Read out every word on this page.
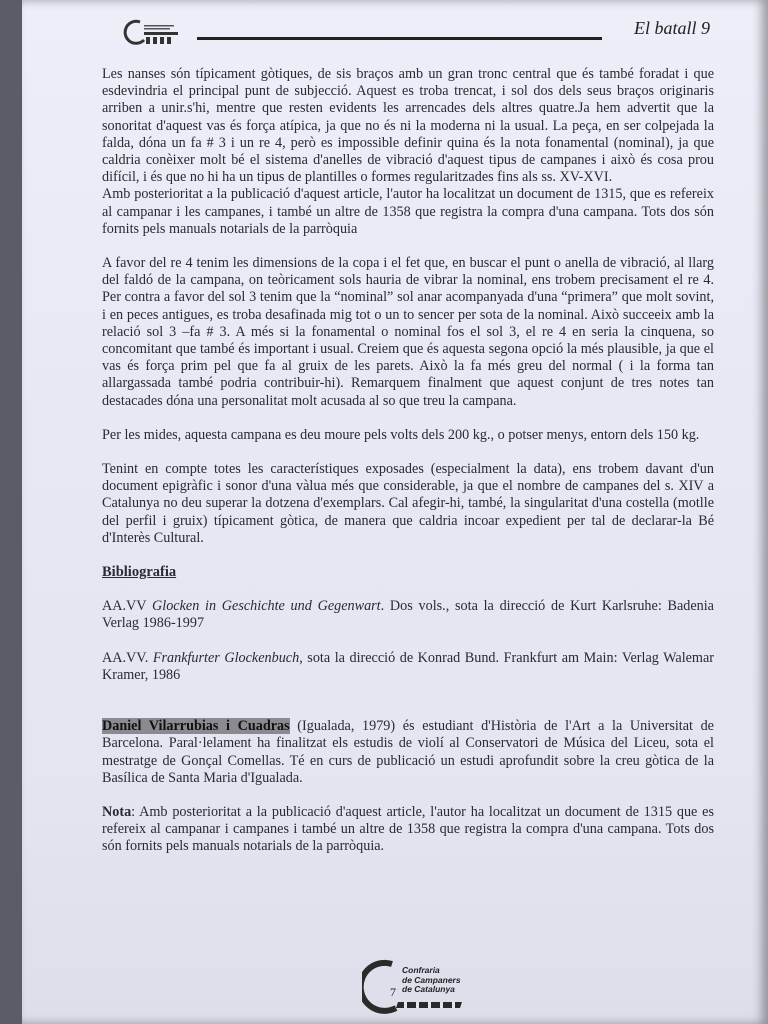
El batall 9

Les nanses són típicament gòtiques, de sis braços amb un gran tronc central que és també foradat i que esdevindria el principal punt de subjecció. Aquest es troba trencat, i sol dos dels seus braços originaris arriben a unir.s'hi, mentre que resten evidents les arrencades dels altres quatre.Ja hem advertit que la sonoritat d'aquest vas és força atípica, ja que no és ni la moderna ni la usual. La peça, en ser colpejada la falda, dóna un fa # 3 i un re 4, però es impossible definir quina és la nota fonamental (nominal), ja que caldria conèixer molt bé el sistema d'anelles de vibració d'aquest tipus de campanes i això és cosa prou difícil, i és que no hi ha un tipus de plantilles o formes regularitzades fins als ss. XV-XVI.

Amb posterioritat a la publicació d'aquest article, l'autor ha localitzat un document de 1315, que es refereix al campanar i les campanes, i també un altre de 1358 que registra la compra d'una campana. Tots dos són fornits pels manuals notarials de la parròquia

A favor del re 4 tenim les dimensions de la copa i el fet que, en buscar el punt o anella de vibració, al llarg del faldó de la campana, on teòricament sols hauria de vibrar la nominal, ens trobem precisament el re 4. Per contra a favor del sol 3 tenim que la “nominal” sol anar acompanyada d'una “primera” que molt sovint, i en peces antigues, es troba desafinada mig tot o un to sencer per sota de la nominal. Això succeeix amb la relació sol 3 –fa # 3. A més si la fonamental o nominal fos el sol 3, el re 4 en seria la cinquena, so concomitant que també és important i usual. Creiem que és aquesta segona opció la més plausible, ja que el vas és força prim pel que fa al gruix de les parets. Això la fa més greu del normal ( i la forma tan allargassada també podria contribuir-hi). Remarquem finalment que aquest conjunt de tres notes tan destacades dóna una personalitat molt acusada al so que treu la campana.

Per les mides, aquesta campana es deu moure pels volts dels 200 kg., o potser menys, entorn dels 150 kg.

Tenint en compte totes les característiques exposades (especialment la data), ens trobem davant d'un document epigràfic i sonor d'una vàlua més que considerable, ja que el nombre de campanes del s. XIV a Catalunya no deu superar la dotzena d'exemplars. Cal afegir-hi, també, la singularitat d'una costella (motlle del perfil i gruix) típicament gòtica, de manera que caldria incoar expedient per tal de declarar-la Bé d'Interès Cultural.

Bibliografia

AA.VV Glocken in Geschichte und Gegenwart. Dos vols., sota la direcció de Kurt Karlsruhe: Badenia Verlag 1986-1997

AA.VV. Frankfurter Glockenbuch, sota la direcció de Konrad Bund. Frankfurt am Main: Verlag Walemar Kramer, 1986

Daniel Vilarrubias i Cuadras (Igualada, 1979) és estudiant d'Història de l'Art a la Universitat de Barcelona. Paral·lelament ha finalitzat els estudis de violí al Conservatori de Música del Liceu, sota el mestratge de Gonçal Comellas. Té en curs de publicació un estudi aprofundit sobre la creu gòtica de la Basílica de Santa Maria d'Igualada.

Nota: Amb posterioritat a la publicació d'aquest article, l'autor ha localitzat un document de 1315 que es refereix al campanar i campanes i també un altre de 1358 que registra la compra d'una campana. Tots dos són fornits pels manuals notarials de la parròquia.

7
Confraria
de Campaners
de Catalunya
